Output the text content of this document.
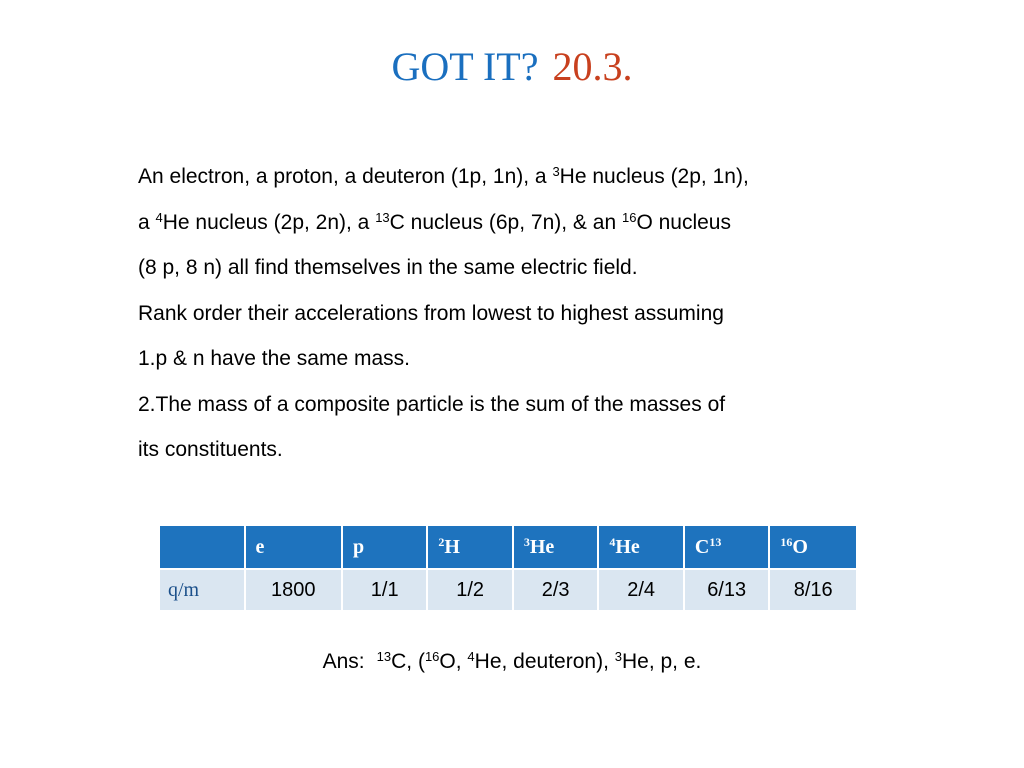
GOT IT? 20.3.
An electron, a proton, a deuteron (1p, 1n), a $^3$He nucleus (2p, 1n),
a $^4$He nucleus (2p, 2n), a $^{13}$C nucleus (6p, 7n), & an $^{16}$O nucleus
(8 p, 8 n) all find themselves in the same electric field.
Rank order their accelerations from lowest to highest assuming
1.p & n have the same mass.
2.The mass of a composite particle is the sum of the masses of
its constituents.
	e	p	$^2$H	$^3$He	$^4$He	$C^{13}$	$^{16}$O
q/m	1800	1/1	1/2	2/3	2/4	6/13	8/16
Ans: $^{13}$C, ($^{16}$O, $^4$He, deuteron), $^3$He, p, e.
